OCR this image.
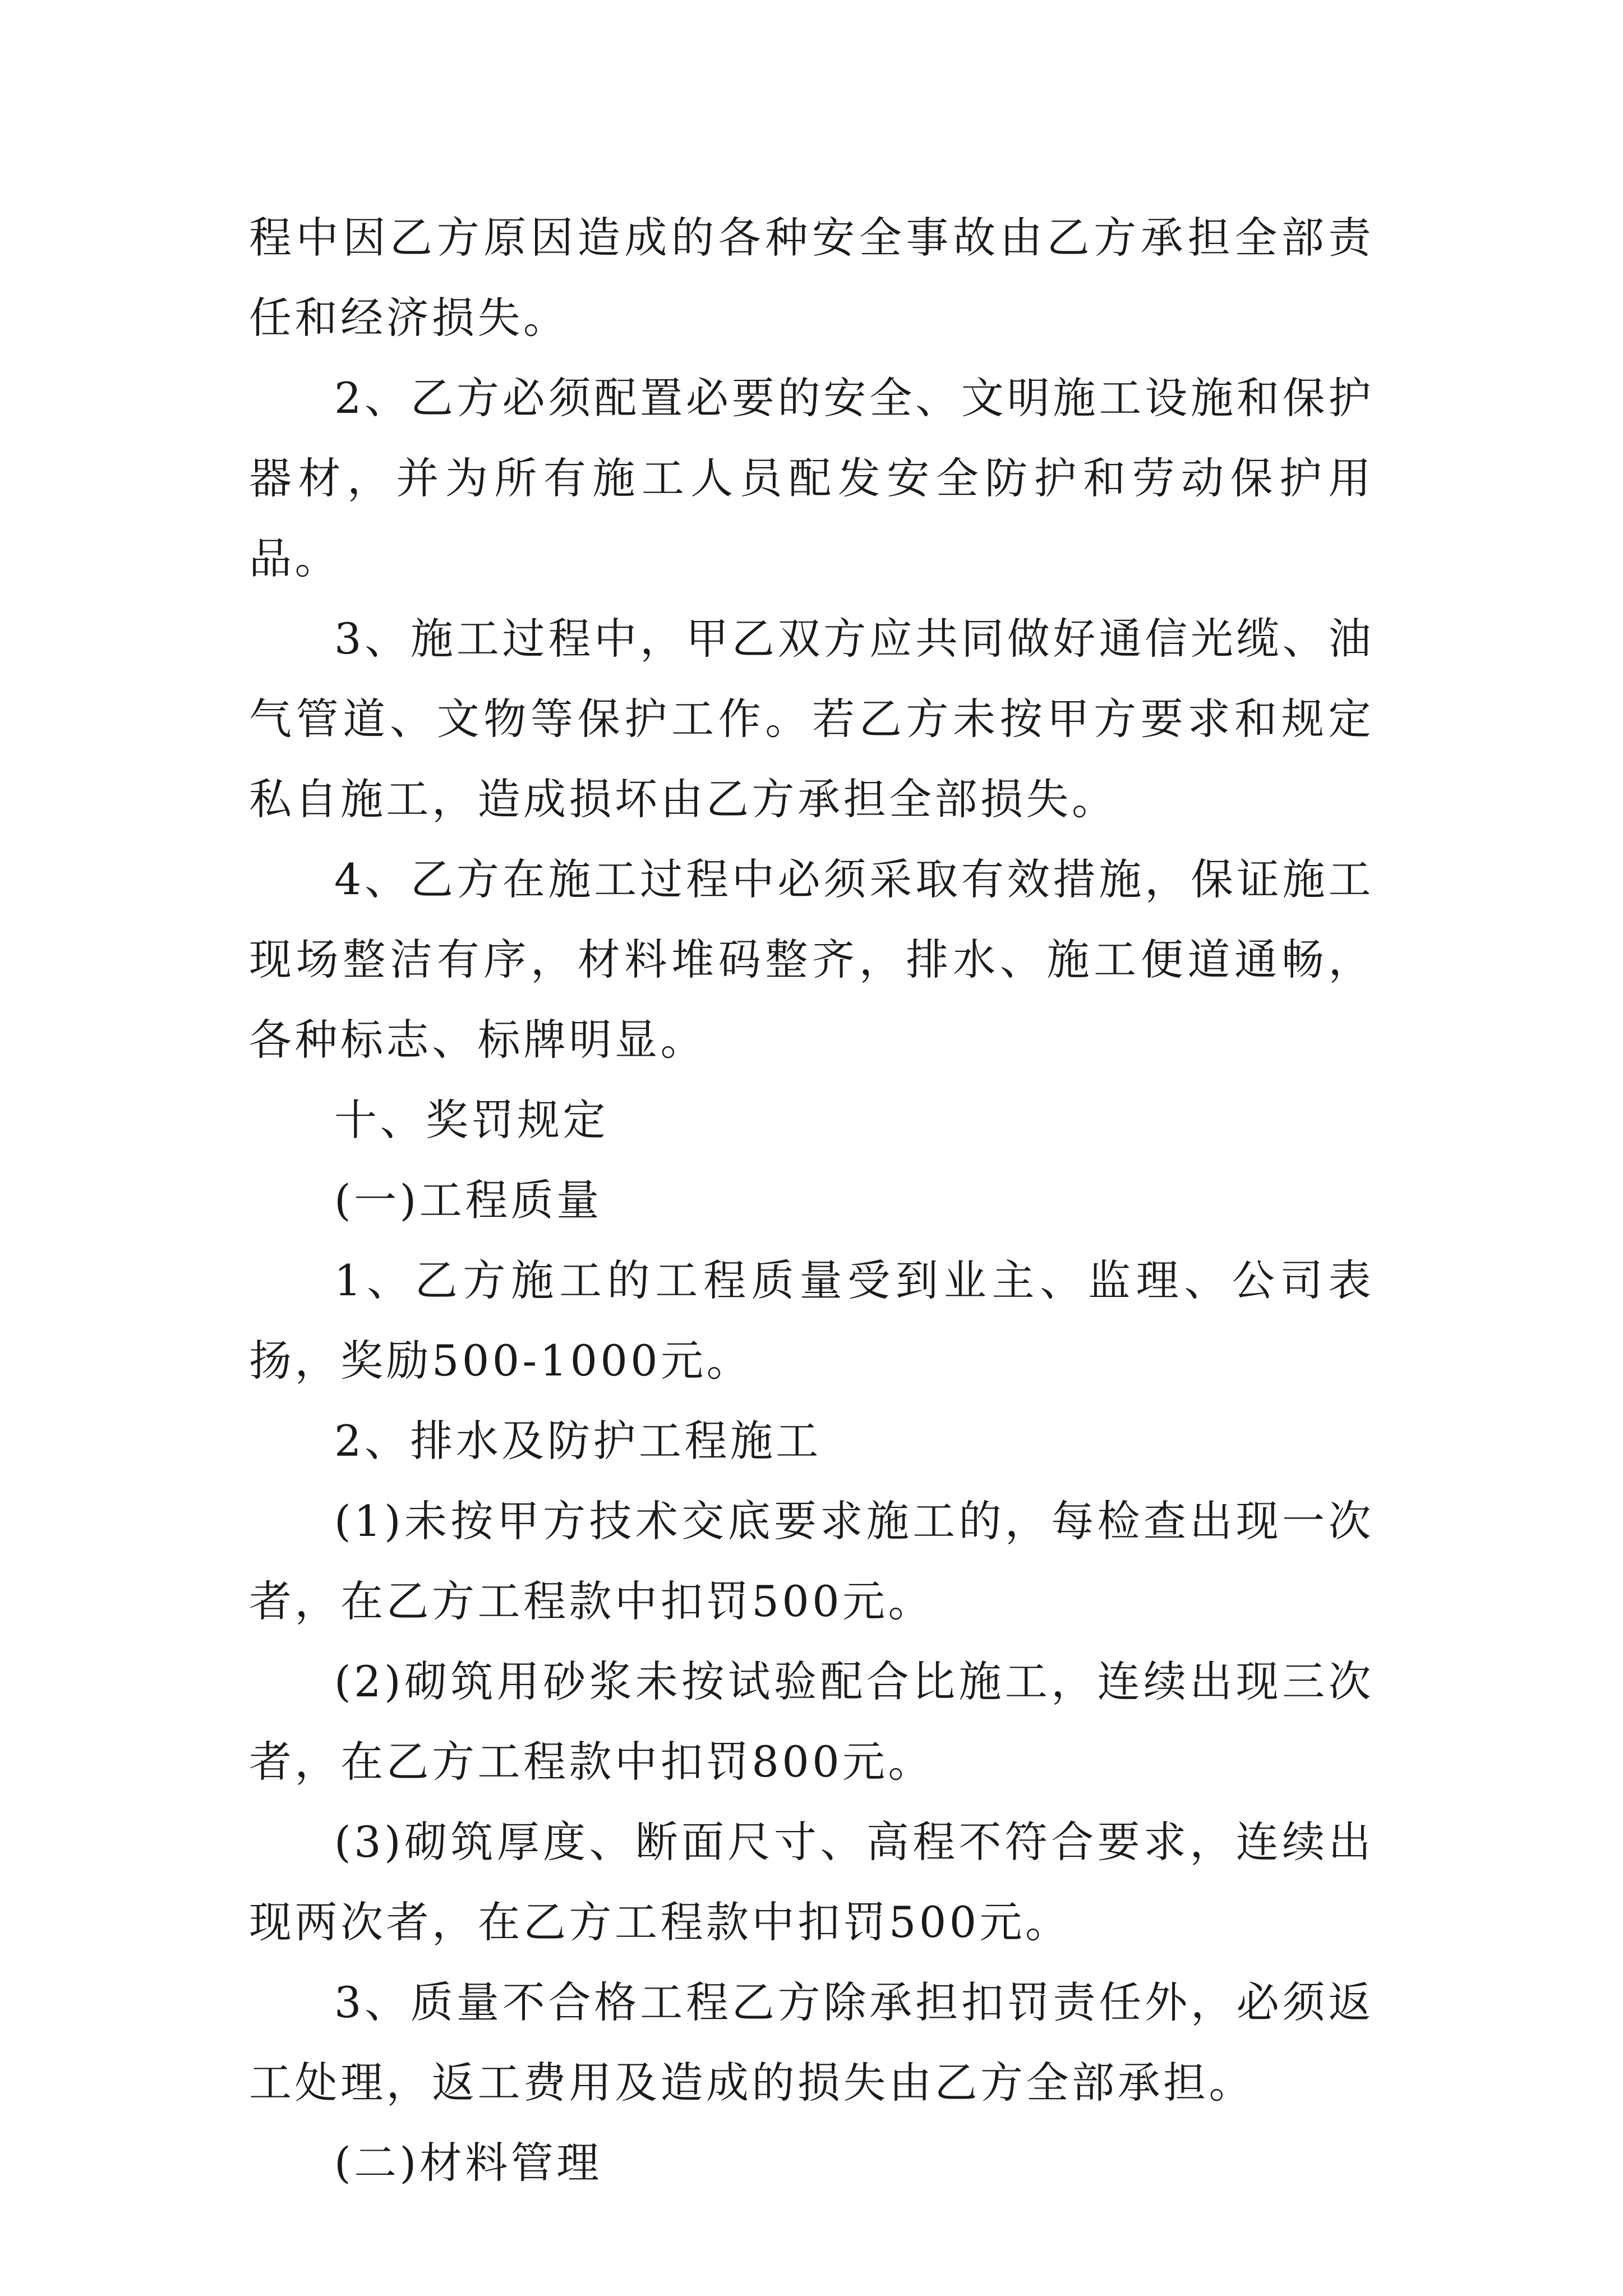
程中因乙方原因造成的各种安全事故由乙方承担全部责任和经济损失。

2、乙方必须配置必要的安全、文明施工设施和保护器材，并为所有施工人员配发安全防护和劳动保护用品。

3、施工过程中，甲乙双方应共同做好通信光缆、油气管道、文物等保护工作。若乙方未按甲方要求和规定私自施工，造成损坏由乙方承担全部损失。

4、乙方在施工过程中必须采取有效措施，保证施工现场整洁有序，材料堆码整齐，排水、施工便道通畅，各种标志、标牌明显。

十、奖罚规定

(一)工程质量

1、乙方施工的工程质量受到业主、监理、公司表扬，奖励500-1000元。

2、排水及防护工程施工

(1)未按甲方技术交底要求施工的，每检查出现一次者，在乙方工程款中扣罚500元。

(2)砌筑用砂浆未按试验配合比施工，连续出现三次者，在乙方工程款中扣罚800元。

(3)砌筑厚度、断面尺寸、高程不符合要求，连续出现两次者，在乙方工程款中扣罚500元。

3、质量不合格工程乙方除承担扣罚责任外，必须返工处理，返工费用及造成的损失由乙方全部承担。

(二)材料管理
